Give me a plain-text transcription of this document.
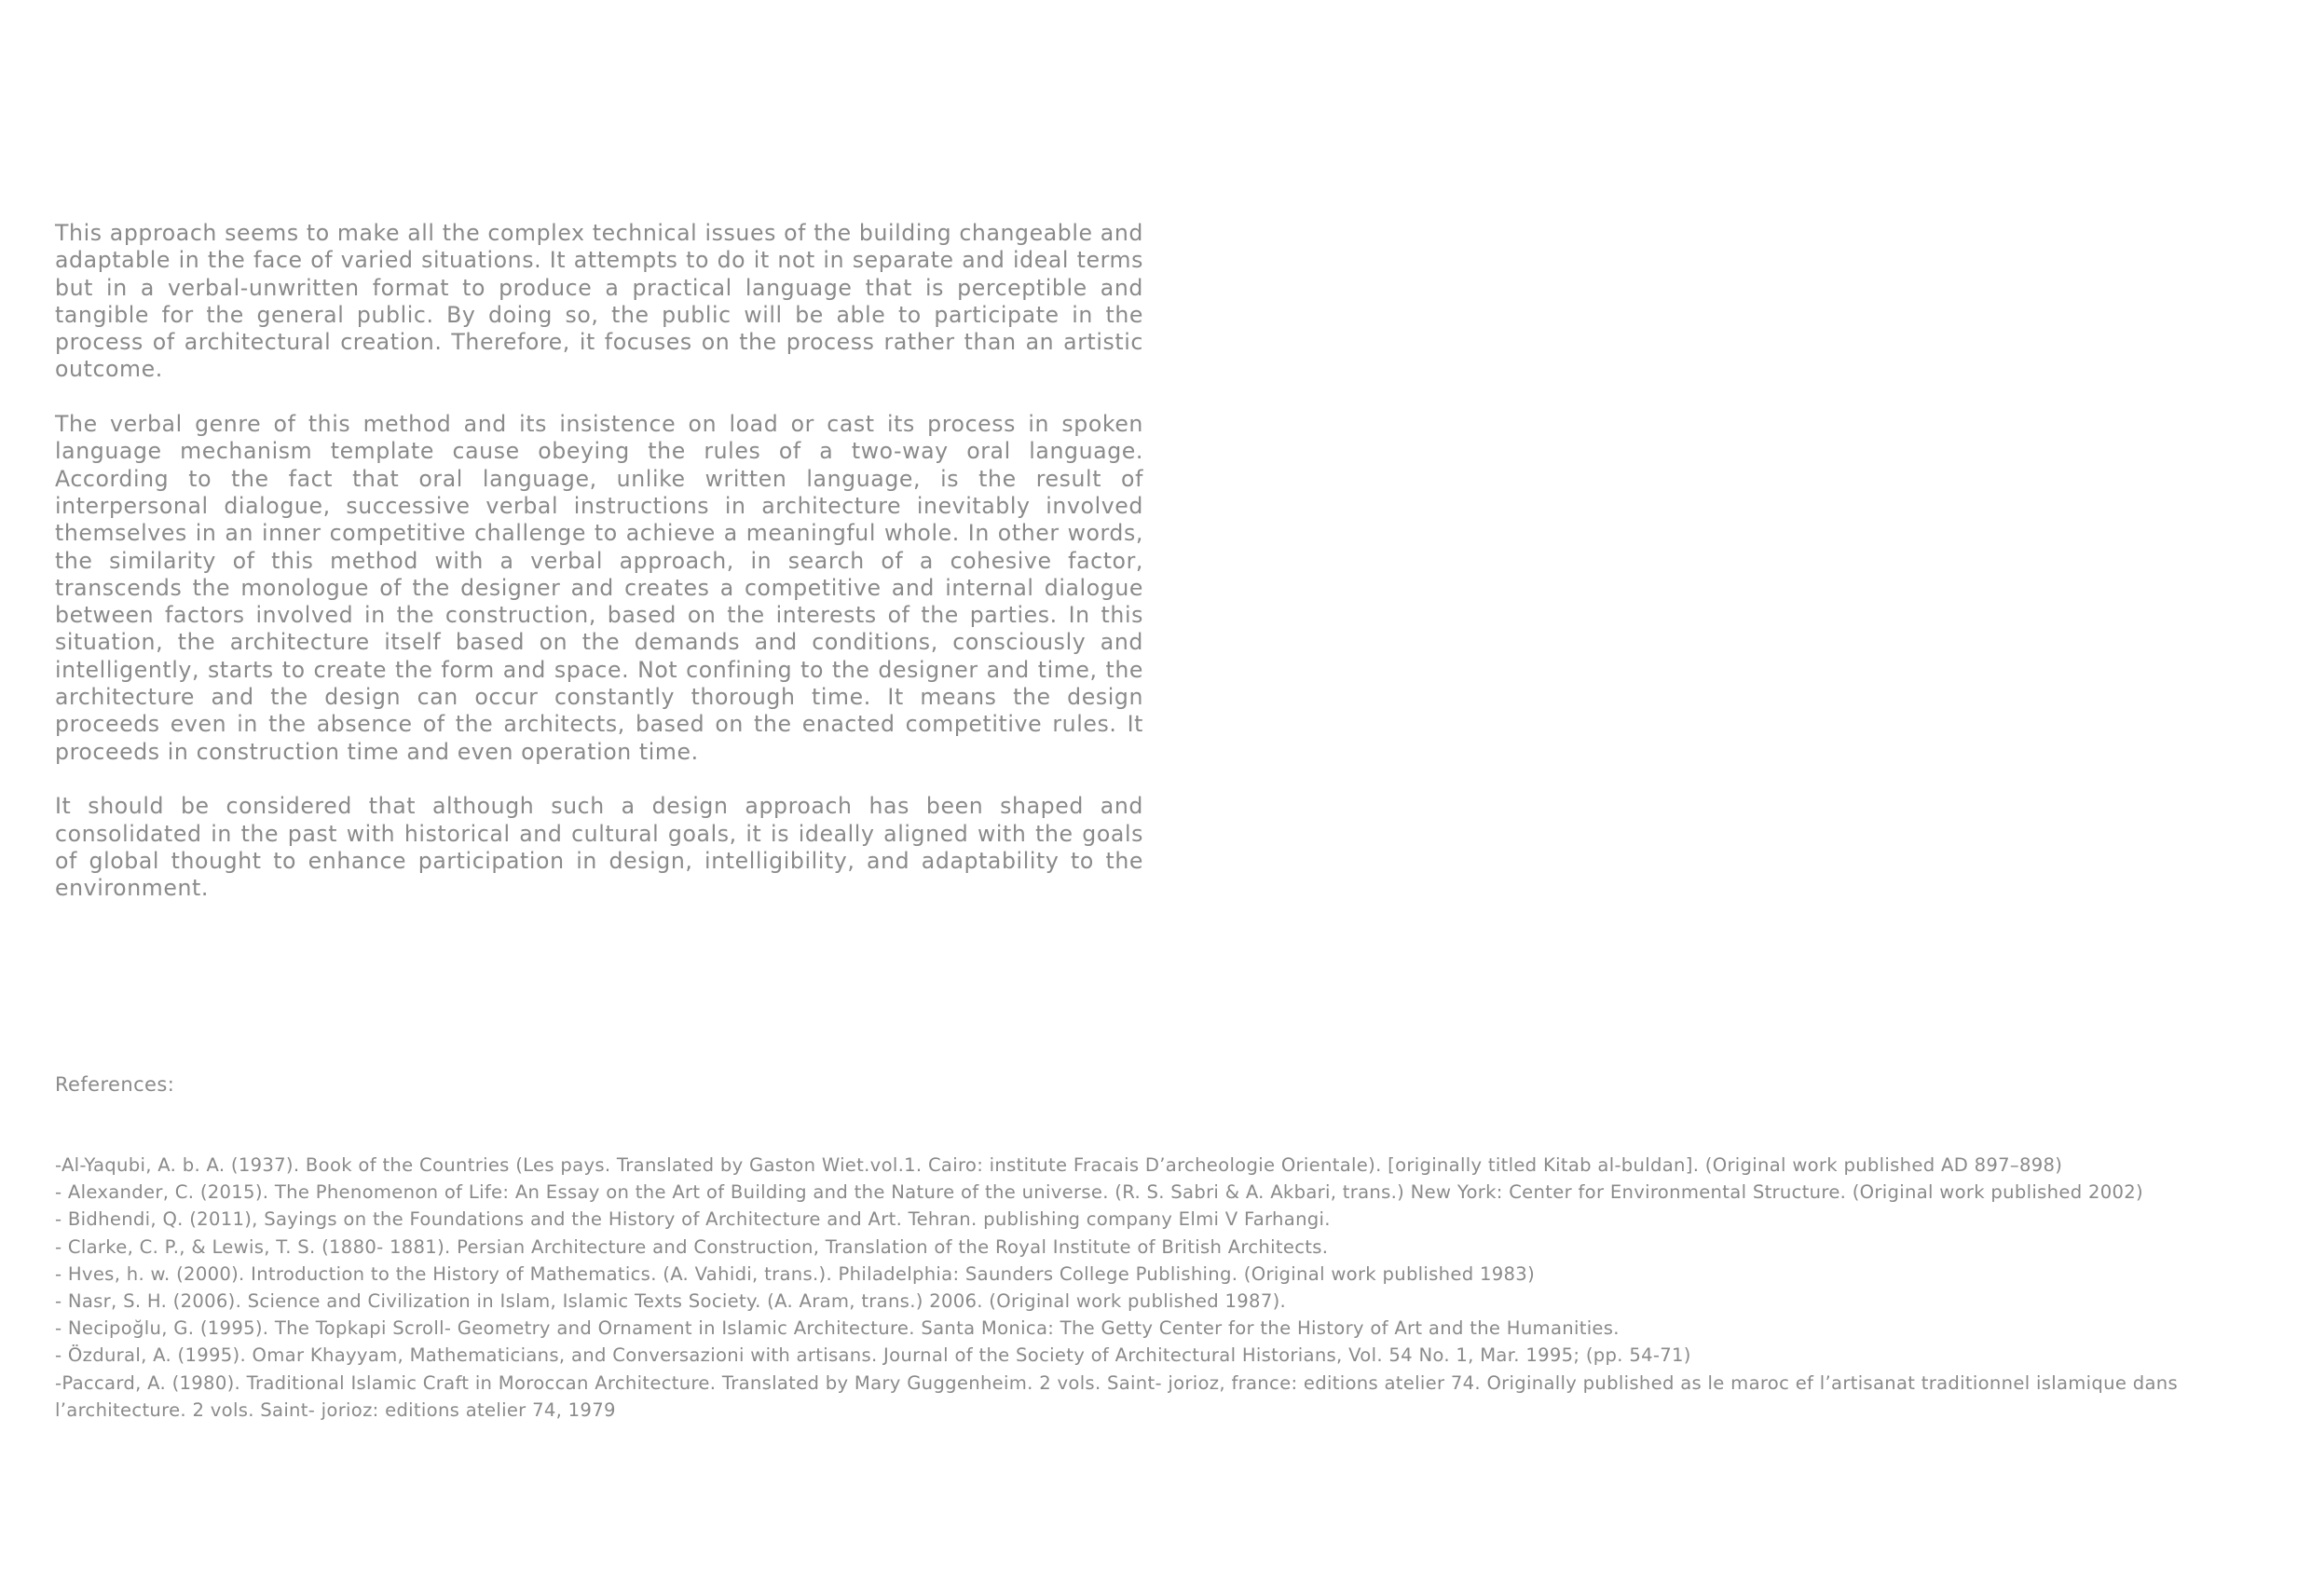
This approach seems to make all the complex technical issues of the building changeable and adaptable in the face of varied situations. It attempts to do it not in separate and ideal terms but in a verbal-unwritten format to produce a practical language that is perceptible and tangible for the general public. By doing so, the public will be able to participate in the process of architectural creation. Therefore, it focuses on the process rather than an artistic outcome.

The verbal genre of this method and its insistence on load or cast its process in spoken language mechanism template cause obeying the rules of a two-way oral language. According to the fact that oral language, unlike written language, is the result of interpersonal dialogue, successive verbal instructions in architecture inevitably involved themselves in an inner competitive challenge to achieve a meaningful whole. In other words, the similarity of this method with a verbal approach, in search of a cohesive factor, transcends the monologue of the designer and creates a competitive and internal dialogue between factors involved in the construction, based on the interests of the parties. In this situation, the architecture itself based on the demands and conditions, consciously and intelligently, starts to create the form and space. Not confining to the designer and time, the architecture and the design can occur constantly thorough time. It means the design proceeds even in the absence of the architects, based on the enacted competitive rules. It proceeds in construction time and even operation time.

It should be considered that although such a design approach has been shaped and consolidated in the past with historical and cultural goals, it is ideally aligned with the goals of global thought to enhance participation in design, intelligibility, and adaptability to the environment.

References:
-Al-Yaqubi, A. b. A. (1937). Book of the Countries (Les pays. Translated by Gaston Wiet.vol.1. Cairo: institute Fracais D’archeologie Orientale). [originally titled Kitab al-buldan]. (Original work published AD 897–898)
- Alexander, C. (2015). The Phenomenon of Life: An Essay on the Art of Building and the Nature of the universe. (R. S. Sabri & A. Akbari, trans.) New York: Center for Environmental Structure. (Original work published 2002)
- Bidhendi, Q. (2011), Sayings on the Foundations and the History of Architecture and Art. Tehran. publishing company Elmi V Farhangi.
- Clarke, C. P., & Lewis, T. S. (1880- 1881). Persian Architecture and Construction, Translation of the Royal Institute of British Architects.
- Hves, h. w. (2000). Introduction to the History of Mathematics. (A. Vahidi, trans.). Philadelphia: Saunders College Publishing. (Original work published 1983)
- Nasr, S. H. (2006). Science and Civilization in Islam, Islamic Texts Society. (A. Aram, trans.) 2006. (Original work published 1987).
- Necipoğlu, G. (1995). The Topkapi Scroll- Geometry and Ornament in Islamic Architecture. Santa Monica: The Getty Center for the History of Art and the Humanities.
- Özdural, A. (1995). Omar Khayyam, Mathematicians, and Conversazioni with artisans. Journal of the Society of Architectural Historians, Vol. 54 No. 1, Mar. 1995; (pp. 54-71)
-Paccard, A. (1980). Traditional Islamic Craft in Moroccan Architecture. Translated by Mary Guggenheim. 2 vols. Saint- jorioz, france: editions atelier 74. Originally published as le maroc ef l’artisanat traditionnel islamique dans l’architecture. 2 vols. Saint- jorioz: editions atelier 74, 1979
